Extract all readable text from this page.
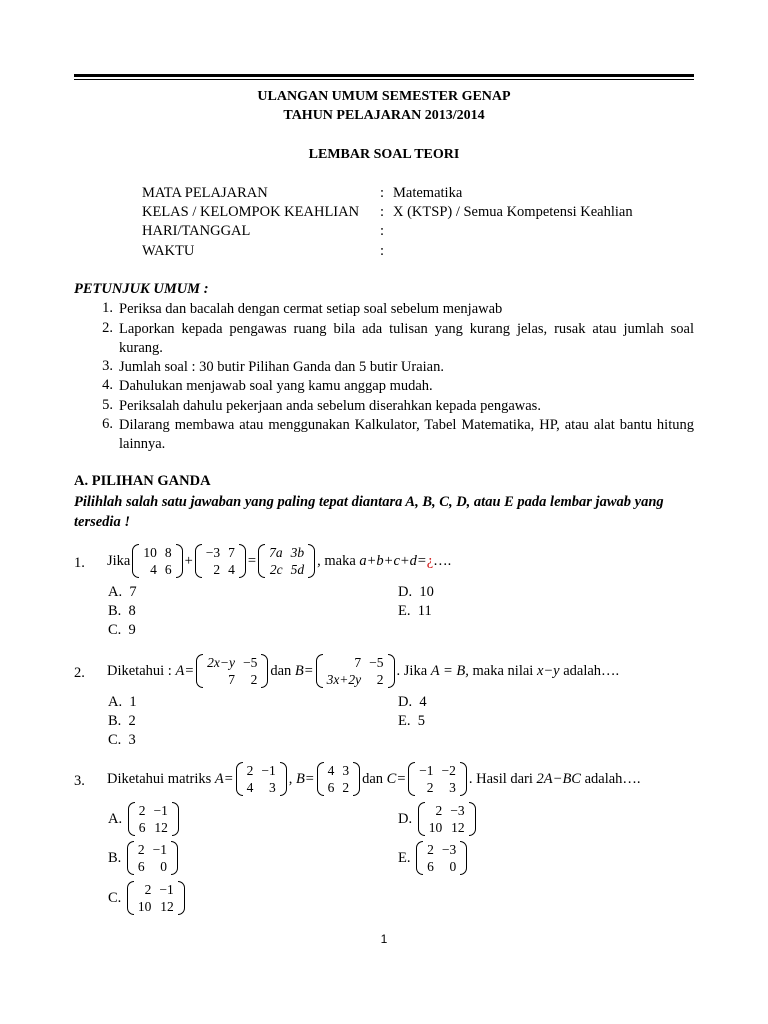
ULANGAN UMUM SEMESTER GENAP
TAHUN PELAJARAN 2013/2014
LEMBAR SOAL TEORI
MATA PELAJARAN	: Matematika
KELAS / KELOMPOK KEAHLIAN : X (KTSP) / Semua Kompetensi Keahlian
HARI/TANGGAL	:
WAKTU	:
PETUNJUK UMUM :
1. Periksa dan bacalah dengan cermat setiap soal sebelum menjawab
2. Laporkan kepada pengawas ruang bila ada tulisan yang kurang jelas, rusak atau jumlah soal kurang.
3. Jumlah soal : 30 butir Pilihan Ganda dan 5 butir Uraian.
4. Dahulukan menjawab soal yang kamu anggap mudah.
5. Periksalah dahulu pekerjaan anda sebelum diserahkan kepada pengawas.
6. Dilarang membawa atau menggunakan Kalkulator, Tabel Matematika, HP, atau alat bantu hitung lainnya.
A. PILIHAN GANDA
Pilihlah salah satu jawaban yang paling tepat diantara A, B, C, D, atau E pada lembar jawab yang tersedia !
1. Jika 10	8
4	6
+ −3	7
2	4
= 7a	3b
2c	5d
, maka
a+b+c+d= ¿ ….
A. 7
B. 8
C. 9
D. 10
E. 11
2. Diketahui :
A= 2x−y	−5
7	2
dan
B=	7	−5
3x+2y	2
. Jika
A = B,
maka nilai
x−y
adalah….
A. 1
B. 2
C. 3
D. 4
E. 5
3. Diketahui matriks
A= 2	−1
4	3
,
B= 4	3
6	2
dan
C= −1	−2
2	3
. Hasil dari
2A−BC
adalah….
A.
2	−1
6	12
B.
2	−1
6	0
C.
2	−1
10	12
D.
2	−3
10	12
E.
2	−3
6	0
1
